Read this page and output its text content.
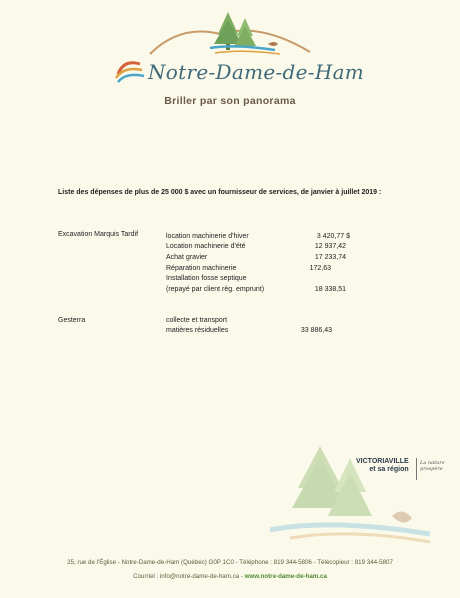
Notre-Dame-de-Ham
Briller par son panorama
Liste des dépenses de plus de 25 000 $ avec un fournisseur de services, de janvier à juillet 2019 :
Excavation Marquis Tardif	location machinerie d'hiver	3 420,77 $
Location machinerie d'été	12 937,42
Achat gravier	17 233,74
Réparation machinerie	172,63
Installation fosse septique
(repayé par client règ. emprunt)	18 338,51
Gesterra	collecte et transport
matières résiduelles	33 886,43
VICTORIAVILLE
et sa région
La nature prospère
25, rue de l'Église - Notre-Dame-de-Ham (Québec) G0P 1C0 - Téléphone : 819 344-5806 - Télécopieur : 819 344-5807
Courriel : info@notre-dame-de-ham.ca - www.notre-dame-de-ham.ca
